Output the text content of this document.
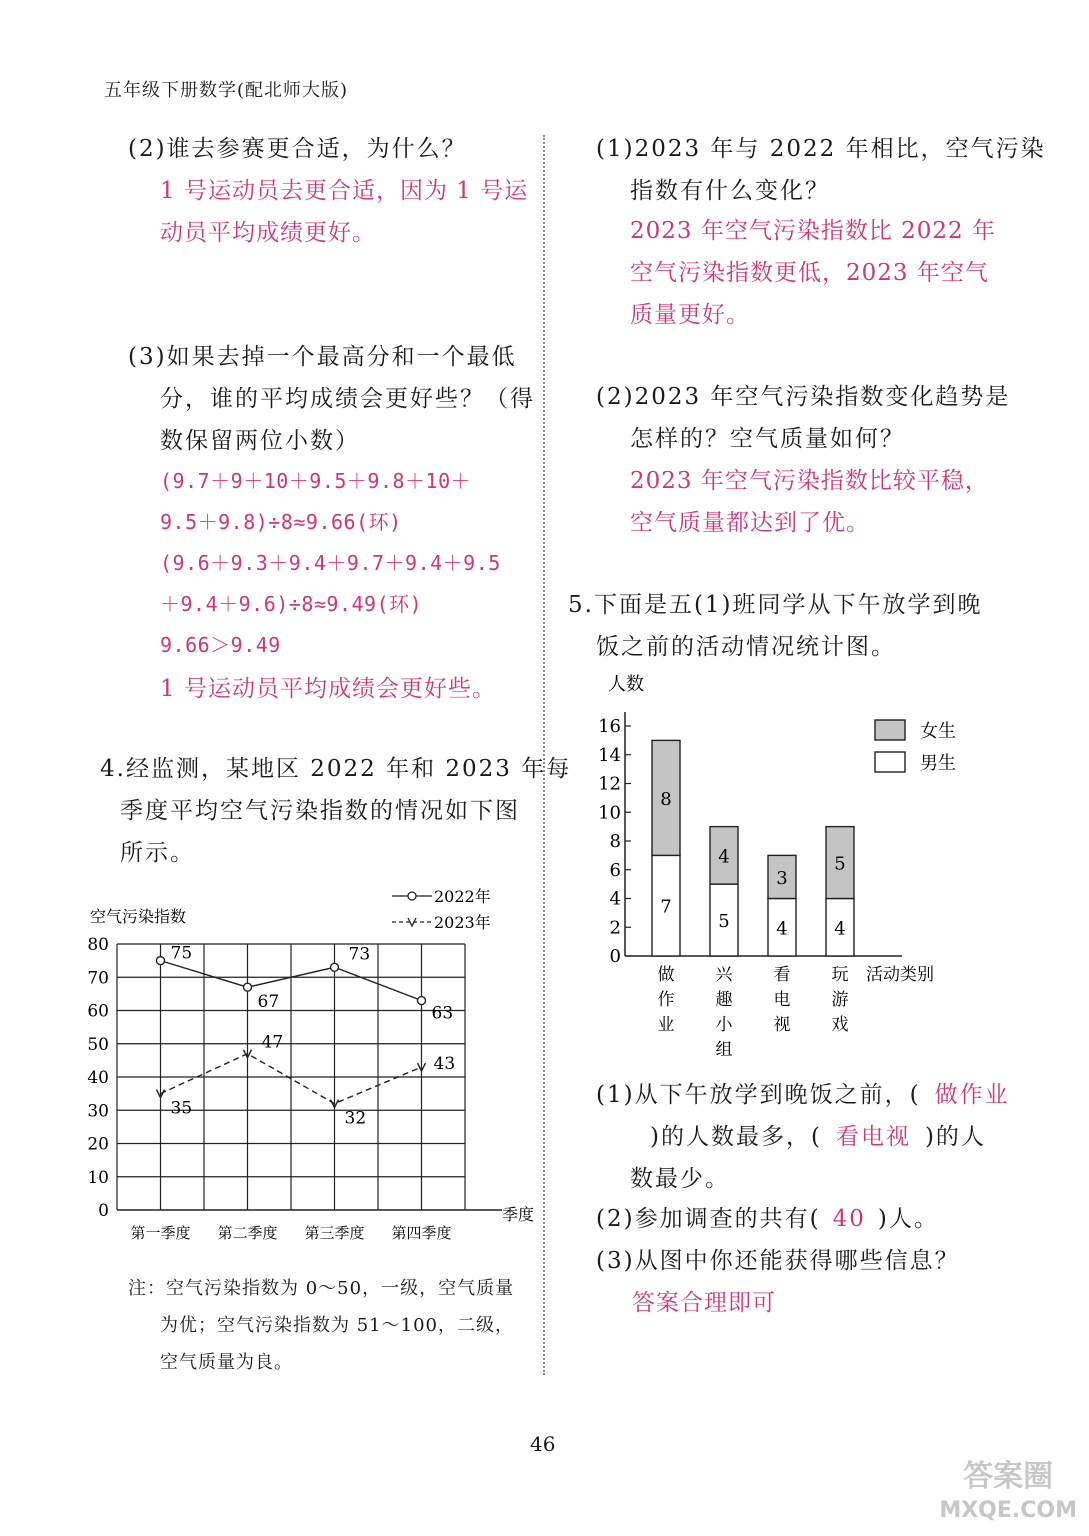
五年级下册数学(配北师大版)
(2)谁去参赛更合适，为什么？
1 号运动员去更合适，因为 1 号运
动员平均成绩更好。
(3)如果去掉一个最高分和一个最低
分，谁的平均成绩会更好些？（得
数保留两位小数）
(9.7＋9＋10＋9.5＋9.8＋10＋
9.5＋9.8)÷8≈9.66(环)
(9.6＋9.3＋9.4＋9.7＋9.4＋9.5
＋9.4＋9.6)÷8≈9.49(环)
9.66＞9.49
1 号运动员平均成绩会更好些。
4.经监测，某地区 2022 年和 2023 年每
季度平均空气污染指数的情况如下图
所示。
0
10
20
30
40
50
60
70
80
空气污染指数
季度
第一季度 第二季度 第三季度 第四季度
2022年
2023年
75
67
73
63
35
47
32
43
注：空气污染指数为 0～50，一级，空气质量
为优；空气污染指数为 51～100，二级，
空气质量为良。
(1)2023 年与 2022 年相比，空气污染
指数有什么变化？
2023 年空气污染指数比 2022 年
空气污染指数更低，2023 年空气
质量更好。
(2)2023 年空气污染指数变化趋势是
怎样的？空气质量如何？
2023 年空气污染指数比较平稳，
空气质量都达到了优。
5.下面是五(1)班同学从下午放学到晚
饭之前的活动情况统计图。
人数
活动类别
0
2
4
6
8
10
12
14
16
7
8
做
作
业
5
4
兴
趣
小
组
4
3
看
电
视
4
5
玩
游
戏
女生
男生
(1)从下午放学到晚饭之前，( 做作业
)的人数最多，( 看电视 )的人
数最少。
(2)参加调查的共有( 40 )人。
(3)从图中你还能获得哪些信息？
答案合理即可
46
答案圈
MXQE.COM
